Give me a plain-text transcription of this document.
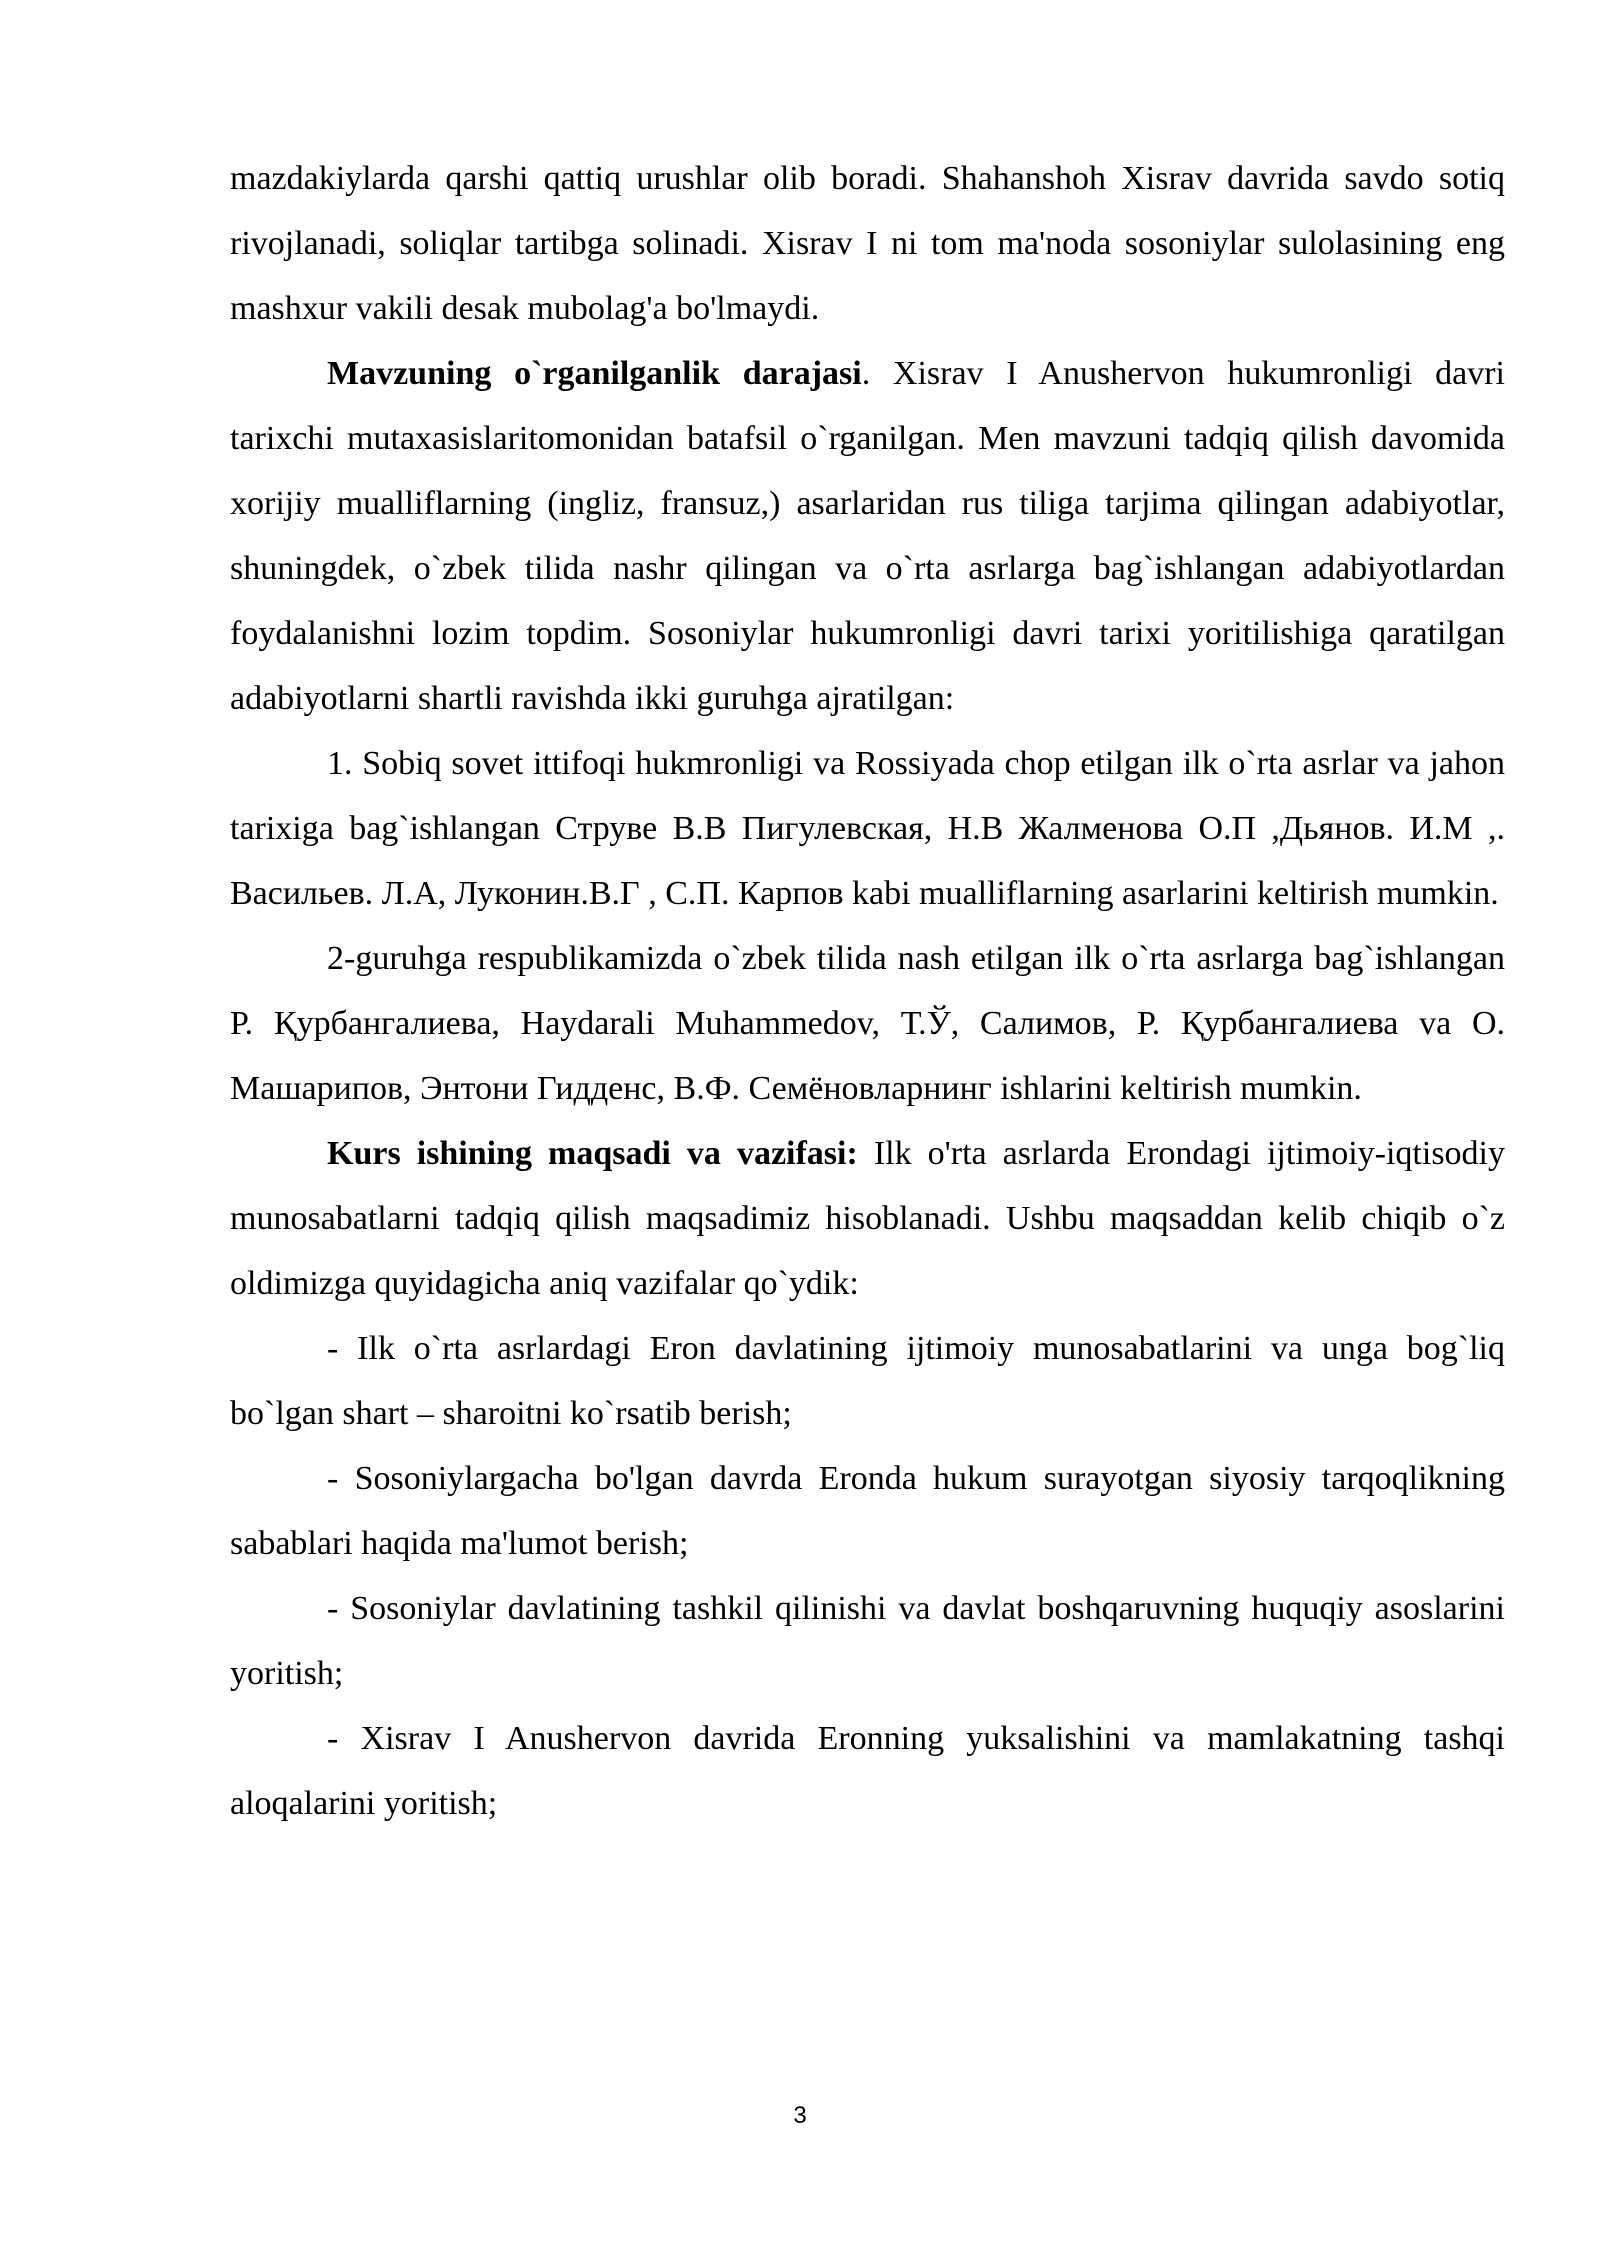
mazdakiylarda qarshi qattiq urushlar olib boradi. Shahanshoh Xisrav davrida savdo sotiq rivojlanadi, soliqlar tartibga solinadi. Xisrav I ni tom ma'noda sosoniylar sulolasining eng mashxur vakili desak mubolag'a bo'lmaydi.

Mavzuning o`rganilganlik darajasi. Xisrav I Anushervon hukumronligi davri tarixchi mutaxasislaritomonidan batafsil o`rganilgan. Men mavzuni tadqiq qilish davomida xorijiy mualliflarning (ingliz, fransuz,) asarlaridan rus tiliga tarjima qilingan adabiyotlar, shuningdek, o`zbek tilida nashr qilingan va o`rta asrlarga bag`ishlangan adabiyotlardan foydalanishni lozim topdim. Sosoniylar hukumronligi davri tarixi yoritilishiga qaratilgan adabiyotlarni shartli ravishda ikki guruhga ajratilgan:

1. Sobiq sovet ittifoqi hukmronligi va Rossiyada chop etilgan ilk o`rta asrlar va jahon tarixiga bag`ishlangan Струве В.В Пигулевская, Н.В Жалменова О.П ,Дьянов. И.М ,. Васильев. Л.А, Луконин.В.Г , С.П. Карпов kabi mualliflarning asarlarini keltirish mumkin.

2-guruhga respublikamizda o`zbek tilida nash etilgan ilk o`rta asrlarga bag`ishlangan Р. Қурбангалиева, Haydarali Muhammedov, Т.Ў, Салимов, Р. Қурбангалиева va О. Машарипов, Энтони Гидденс, В.Ф. Семёновларнинг ishlarini keltirish mumkin.

Kurs ishining maqsadi va vazifasi: Ilk o'rta asrlarda Erondagi ijtimoiy-iqtisodiy munosabatlarni tadqiq qilish maqsadimiz hisoblanadi. Ushbu maqsaddan kelib chiqib o`z oldimizga quyidagicha aniq vazifalar qo`ydik:

- Ilk o`rta asrlardagi Eron davlatining ijtimoiy munosabatlarini va unga bog`liq bo`lgan shart – sharoitni ko`rsatib berish;

- Sosoniylargacha bo'lgan davrda Eronda hukum surayotgan siyosiy tarqoqlikning sabablari haqida ma'lumot berish;

- Sosoniylar davlatining tashkil qilinishi va davlat boshqaruvning huquqiy asoslarini yoritish;

- Xisrav I Anushervon davrida Eronning yuksalishini va mamlakatning tashqi aloqalarini yoritish;

3
